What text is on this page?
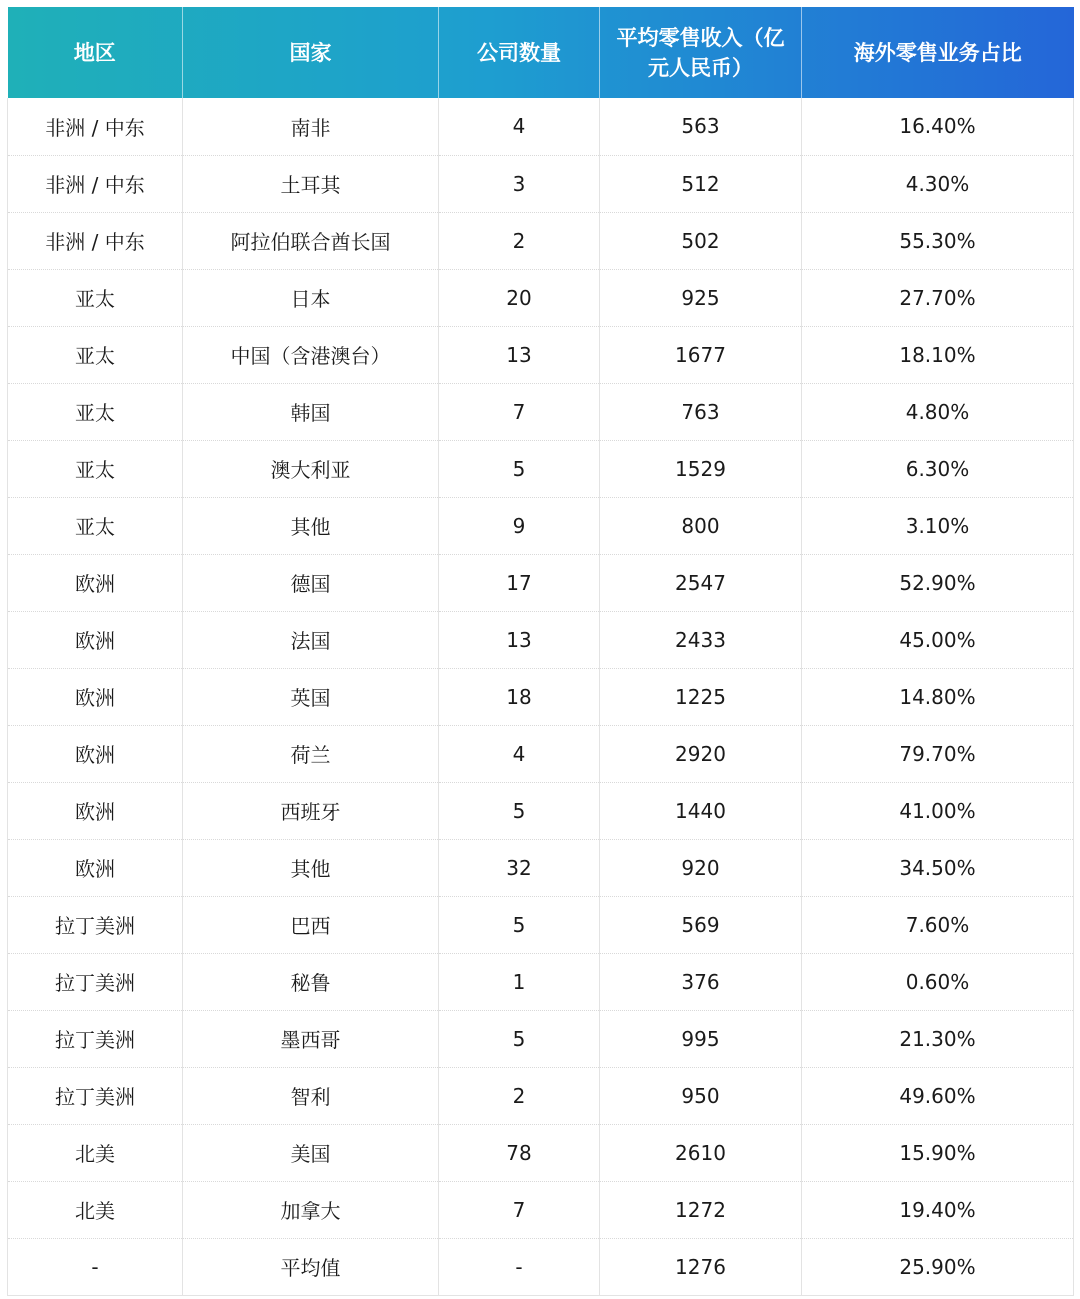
地区	国家	公司数量	平均零售收入（亿元人民币）	海外零售业务占比
非洲 / 中东	南非	4	563	16.40%
非洲 / 中东	土耳其	3	512	4.30%
非洲 / 中东	阿拉伯联合酋长国	2	502	55.30%
亚太	日本	20	925	27.70%
亚太	中国（含港澳台）	13	1677	18.10%
亚太	韩国	7	763	4.80%
亚太	澳大利亚	5	1529	6.30%
亚太	其他	9	800	3.10%
欧洲	德国	17	2547	52.90%
欧洲	法国	13	2433	45.00%
欧洲	英国	18	1225	14.80%
欧洲	荷兰	4	2920	79.70%
欧洲	西班牙	5	1440	41.00%
欧洲	其他	32	920	34.50%
拉丁美洲	巴西	5	569	7.60%
拉丁美洲	秘鲁	1	376	0.60%
拉丁美洲	墨西哥	5	995	21.30%
拉丁美洲	智利	2	950	49.60%
北美	美国	78	2610	15.90%
北美	加拿大	7	1272	19.40%
-	平均值	-	1276	25.90%
